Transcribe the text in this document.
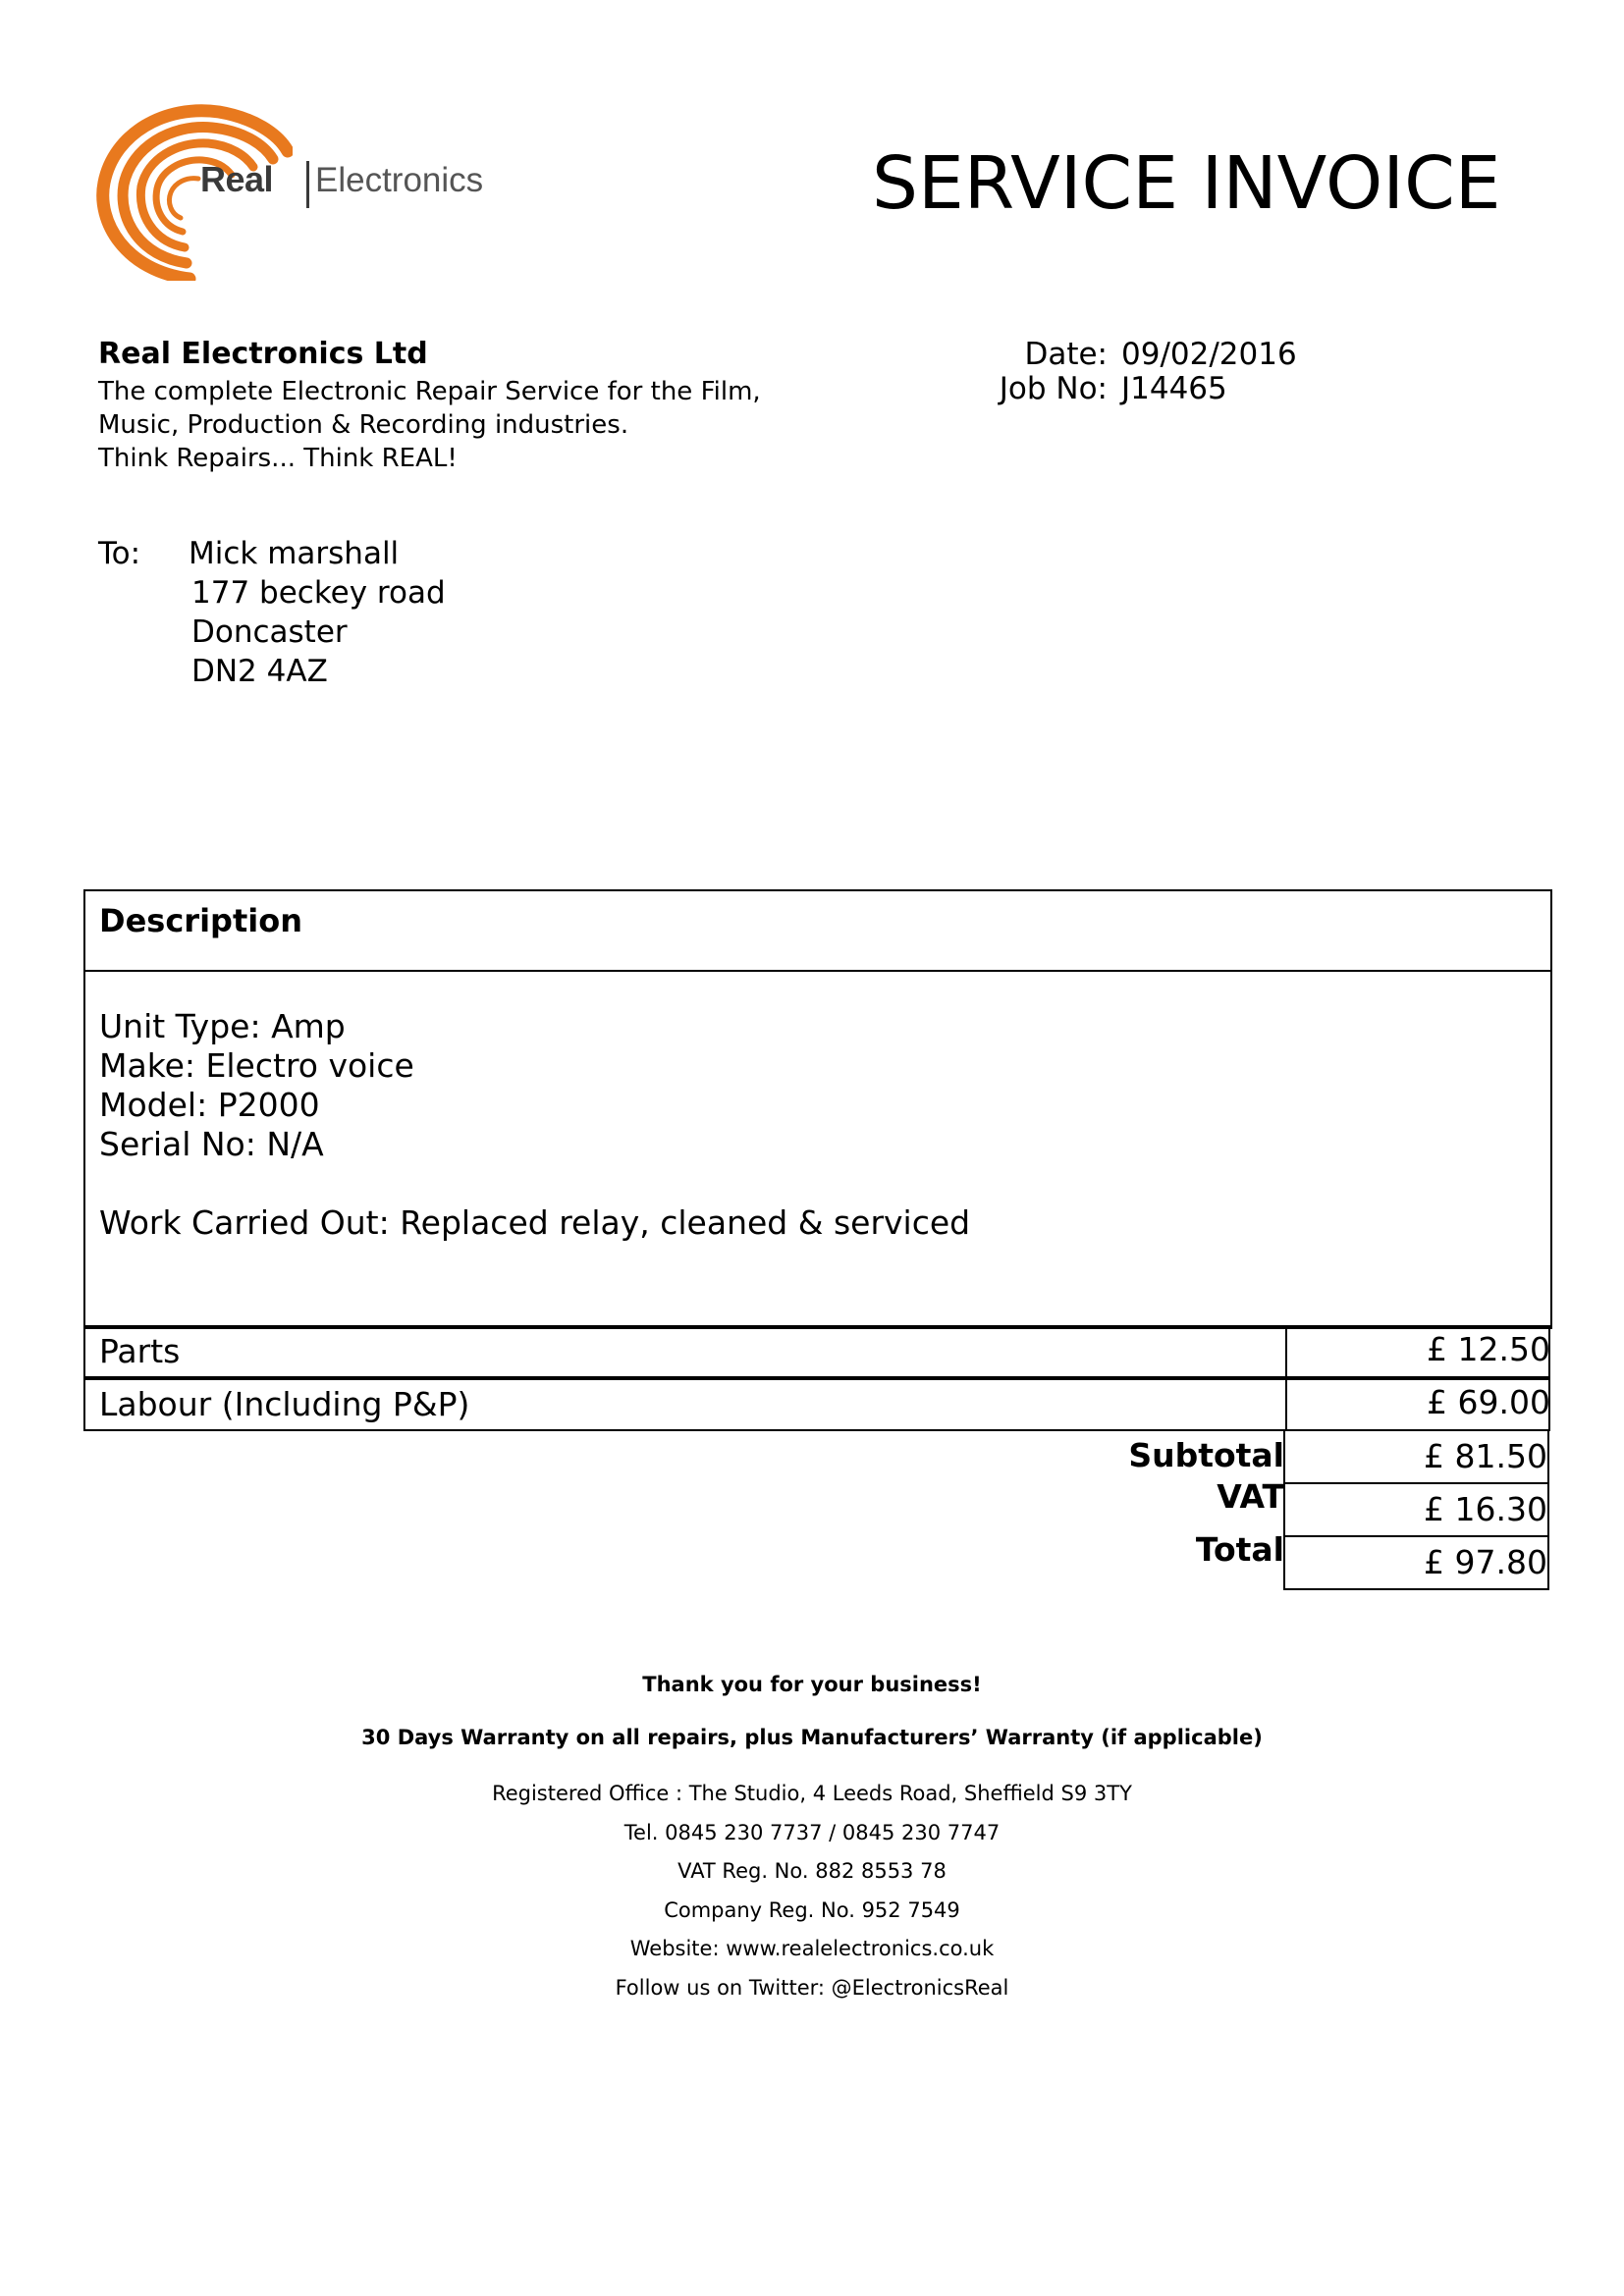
Real Electronics	SERVICE INVOICE
Real Electronics Ltd
The complete Electronic Repair Service for the Film,
Music, Production & Recording industries.
Think Repairs... Think REAL!
Date: 09/02/2016
Job No: J14465
To: Mick marshall
177 beckey road
Doncaster
DN2 4AZ
Description
Unit Type: Amp
Make: Electro voice
Model: P2000
Serial No: N/A
Work Carried Out: Replaced relay, cleaned & serviced
Parts	£ 12.50
Labour (Including P&P)	£ 69.00
Subtotal	£ 81.50
VAT	£ 16.30
Total	£ 97.80
Thank you for your business!
30 Days Warranty on all repairs, plus Manufacturers’ Warranty (if applicable)
Registered Office : The Studio, 4 Leeds Road, Sheffield S9 3TY
Tel. 0845 230 7737 / 0845 230 7747
VAT Reg. No. 882 8553 78
Company Reg. No. 952 7549
Website: www.realelectronics.co.uk
Follow us on Twitter: @ElectronicsReal
